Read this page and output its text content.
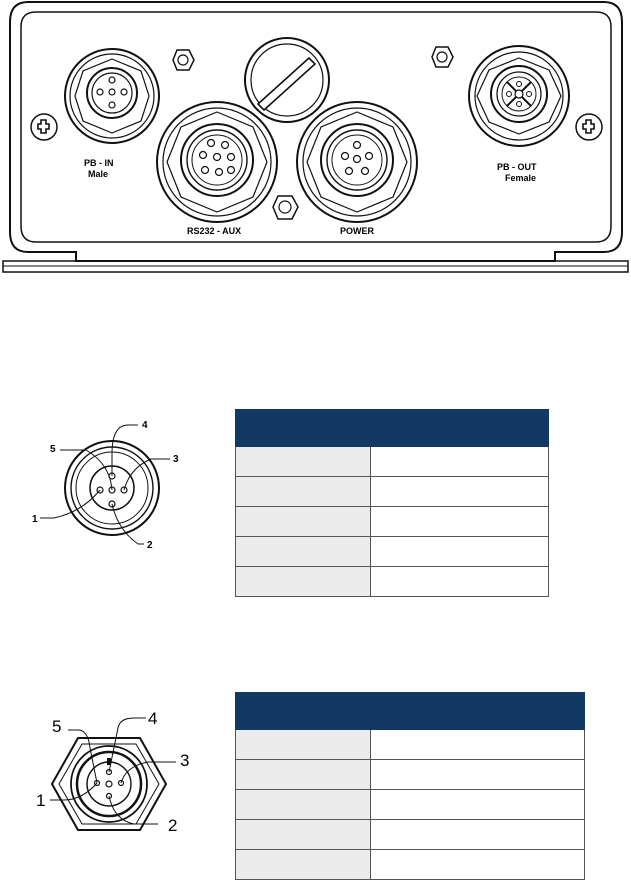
PB - IN
Male
RS232 - AUX	POWER
PB - OUT
Female
4
5
3
1
2

4
5
3
1
2
